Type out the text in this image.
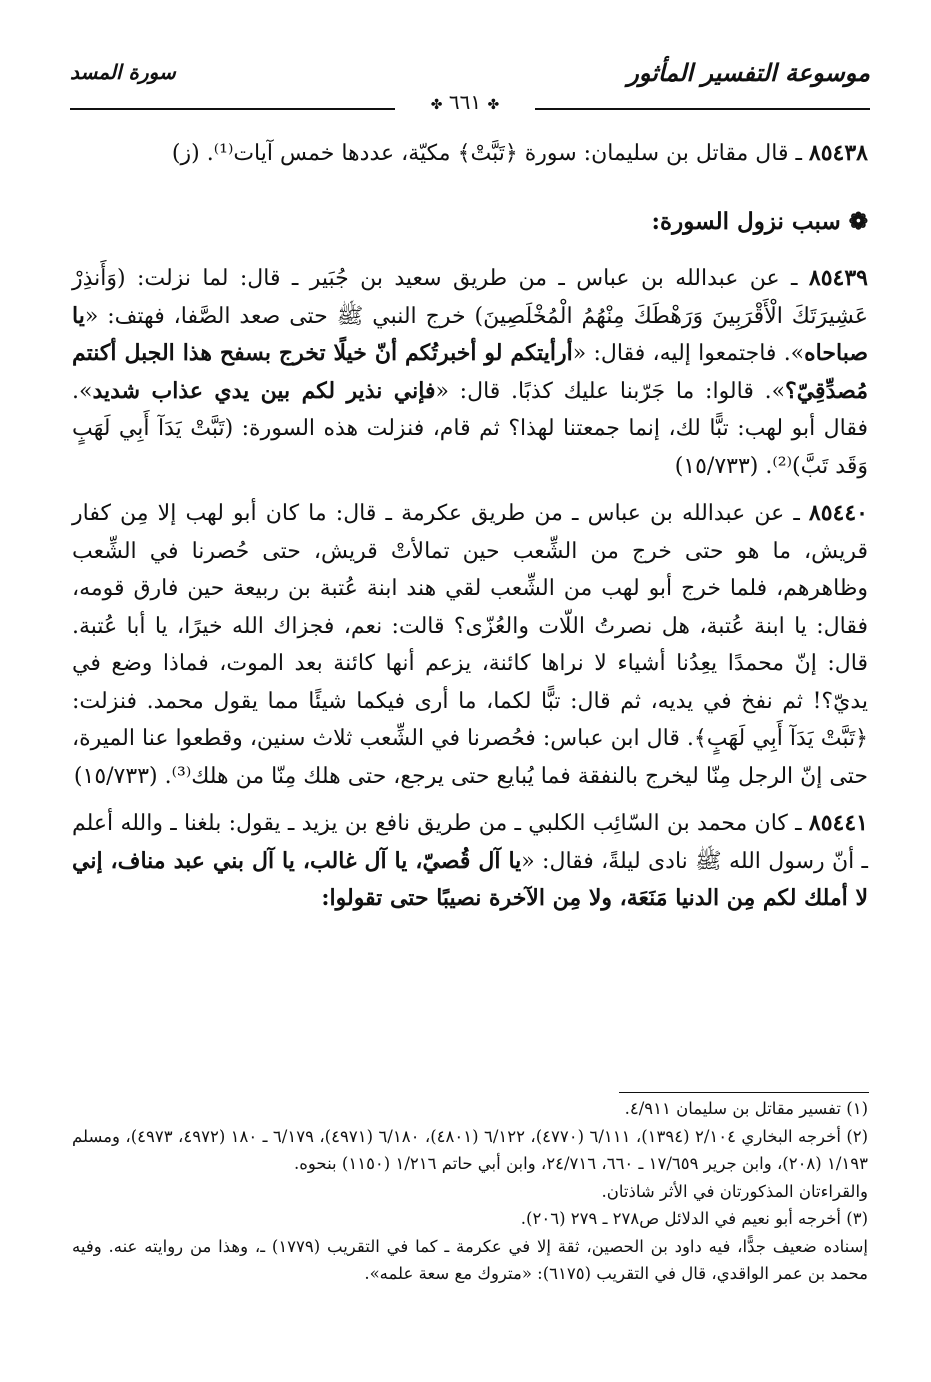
موسوعة التفسير المأثور
سورة المسد
✤ ٦٦١ ✤

٨٥٤٣٨ ـ قال مقاتل بن سليمان: سورة ﴿تَبَّتْ﴾ مكيّة، عددها خمس آيات⁽¹⁾. (ز)

❁ سبب نزول السورة:

٨٥٤٣٩ ـ عن عبدالله بن عباس ـ من طريق سعيد بن جُبَير ـ قال: لما نزلت: (وَأَنذِرْ عَشِيرَتَكَ الْأَقْرَبِينَ وَرَهْطَكَ مِنْهُمُ الْمُخْلَصِينَ) خرج النبي ﷺ حتى صعد الصَّفا، فهتف: «يا صباحاه». فاجتمعوا إليه، فقال: «أرأيتكم لو أخبرتُكم أنّ خيلًا تخرج بسفح هذا الجبل أكنتم مُصدِّقِيّ؟». قالوا: ما جَرّبنا عليك كذبًا. قال: «فإني نذير لكم بين يدي عذاب شديد». فقال أبو لهب: تبًّا لك، إنما جمعتنا لهذا؟ ثم قام، فنزلت هذه السورة: (تَبَّتْ يَدَآ أَبِي لَهَبٍ وَقَد تَبَّ)⁽²⁾. (١٥/٧٣٣)

٨٥٤٤٠ ـ عن عبدالله بن عباس ـ من طريق عكرمة ـ قال: ما كان أبو لهب إلا مِن كفار قريش، ما هو حتى خرج من الشِّعب حين تمالأتْ قريش، حتى حُصرنا في الشِّعب وظاهرهم، فلما خرج أبو لهب من الشِّعب لقي هند ابنة عُتبة بن ربيعة حين فارق قومه، فقال: يا ابنة عُتبة، هل نصرتُ اللّات والعُزّى؟ قالت: نعم، فجزاك الله خيرًا، يا أبا عُتبة. قال: إنّ محمدًا يعِدُنا أشياء لا نراها كائنة، يزعم أنها كائنة بعد الموت، فماذا وضع في يديّ؟! ثم نفخ في يديه، ثم قال: تبًّا لكما، ما أرى فيكما شيئًا مما يقول محمد. فنزلت: ﴿تَبَّتْ يَدَآ أَبِي لَهَبٍ﴾. قال ابن عباس: فحُصرنا في الشِّعب ثلاث سنين، وقطعوا عنا الميرة، حتى إنّ الرجل مِنّا ليخرج بالنفقة فما يُبايع حتى يرجع، حتى هلك مِنّا من هلك⁽³⁾. (١٥/٧٣٣)

٨٥٤٤١ ـ كان محمد بن السّائِب الكلبي ـ من طريق نافع بن يزيد ـ يقول: بلغنا ـ والله أعلم ـ أنّ رسول الله ﷺ نادى ليلةً، فقال: «يا آل قُصيّ، يا آل غالب، يا آل بني عبد مناف، إني لا أملك لكم مِن الدنيا مَنَعَة، ولا مِن الآخرة نصيبًا حتى تقولوا:

(١) تفسير مقاتل بن سليمان ٤/٩١١.

(٢) أخرجه البخاري ٢/١٠٤ (١٣٩٤)، ٦/١١١ (٤٧٧٠)، ٦/١٢٢ (٤٨٠١)، ٦/١٨٠ (٤٩٧١)، ٦/١٧٩ ـ ١٨٠ (٤٩٧٢، ٤٩٧٣)، ومسلم ١/١٩٣ (٢٠٨)، وابن جرير ١٧/٦٥٩ ـ ٦٦٠، ٢٤/٧١٦، وابن أبي حاتم ١/٢١٦ (١١٥٠) بنحوه.

والقراءتان المذكورتان في الأثر شاذتان.

(٣) أخرجه أبو نعيم في الدلائل ص٢٧٨ ـ ٢٧٩ (٢٠٦).

إسناده ضعيف جدًّا، فيه داود بن الحصين، ثقة إلا في عكرمة ـ كما في التقريب (١٧٧٩) ـ، وهذا من روايته عنه. وفيه محمد بن عمر الواقدي، قال في التقريب (٦١٧٥): «متروك مع سعة علمه».
